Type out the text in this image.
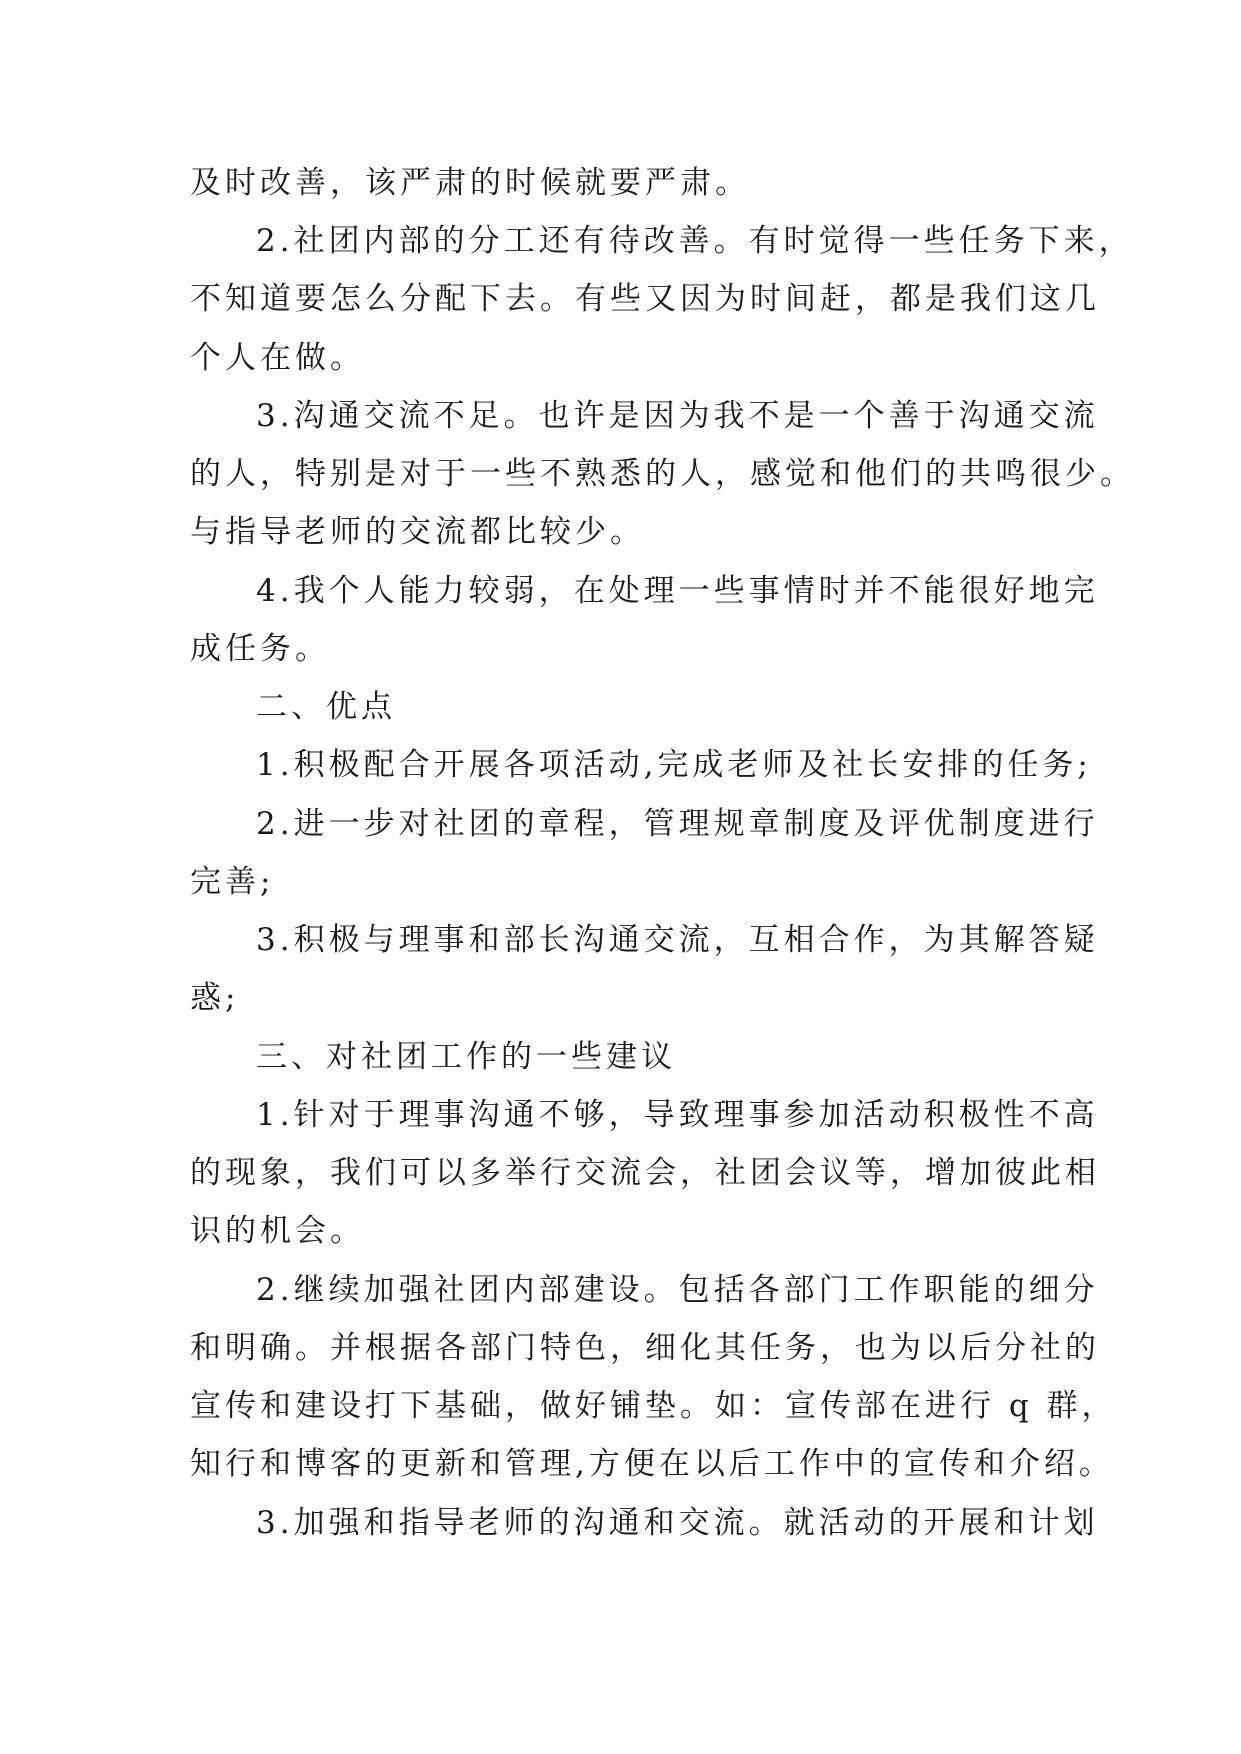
及时改善，该严肃的时候就要严肃。
2.社团内部的分工还有待改善。有时觉得一些任务下来，
不知道要怎么分配下去。有些又因为时间赶，都是我们这几
个人在做。
3.沟通交流不足。也许是因为我不是一个善于沟通交流
的人，特别是对于一些不熟悉的人，感觉和他们的共鸣很少。
与指导老师的交流都比较少。
4.我个人能力较弱，在处理一些事情时并不能很好地完
成任务。
二、优点
1.积极配合开展各项活动,完成老师及社长安排的任务;
2.进一步对社团的章程，管理规章制度及评优制度进行
完善;
3.积极与理事和部长沟通交流，互相合作，为其解答疑
惑;
三、对社团工作的一些建议
1.针对于理事沟通不够，导致理事参加活动积极性不高
的现象，我们可以多举行交流会，社团会议等，增加彼此相
识的机会。
2.继续加强社团内部建设。包括各部门工作职能的细分
和明确。并根据各部门特色，细化其任务，也为以后分社的
宣传和建设打下基础，做好铺垫。如：宣传部在进行 q 群，
知行和博客的更新和管理,方便在以后工作中的宣传和介绍。
3.加强和指导老师的沟通和交流。就活动的开展和计划
